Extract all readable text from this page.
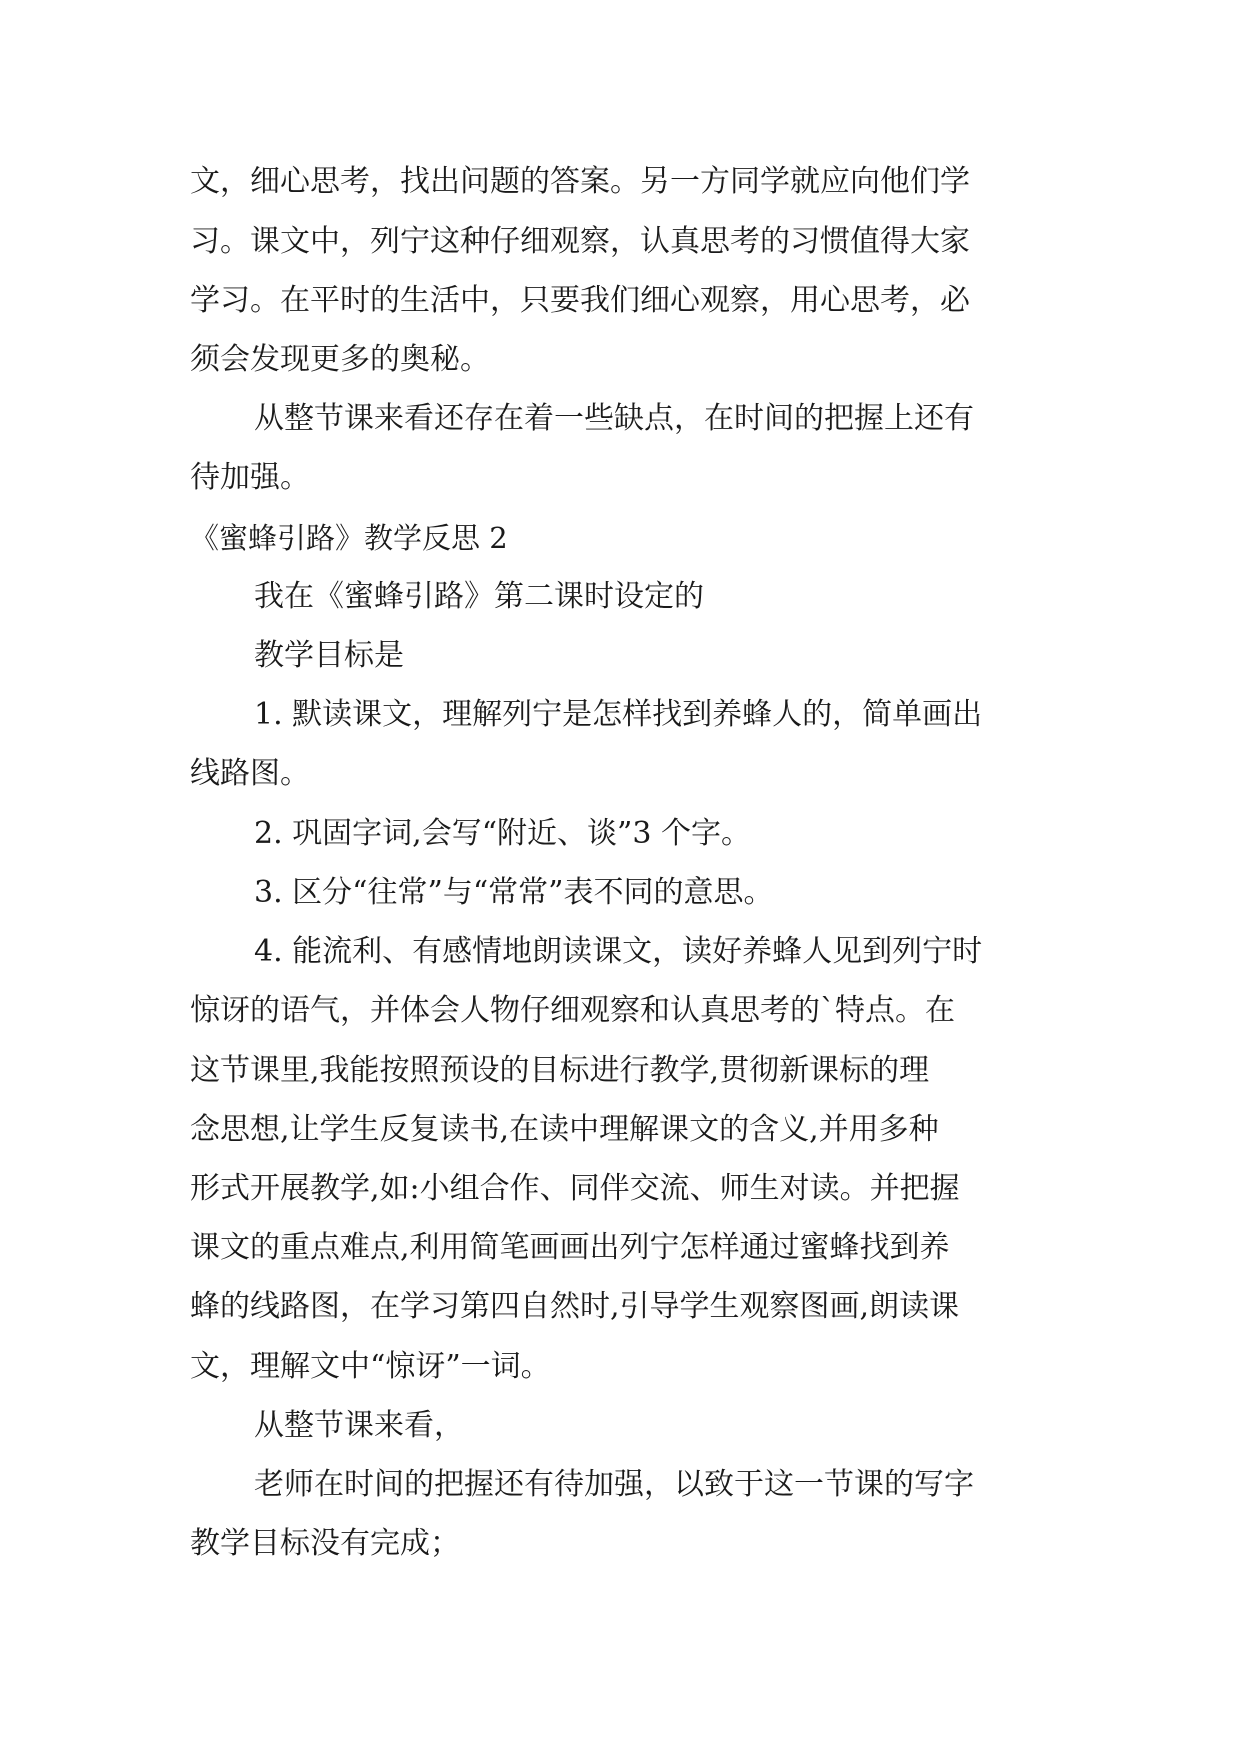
文，细心思考，找出问题的答案。另一方同学就应向他们学
习。课文中，列宁这种仔细观察，认真思考的习惯值得大家
学习。在平时的生活中，只要我们细心观察，用心思考，必
须会发现更多的奥秘。
从整节课来看还存在着一些缺点，在时间的把握上还有
待加强。
《蜜蜂引路》教学反思 2
我在《蜜蜂引路》第二课时设定的
教学目标是
1. 默读课文，理解列宁是怎样找到养蜂人的，简单画出
线路图。
2. 巩固字词,会写“附近、谈”3 个字。
3. 区分“往常”与“常常”表不同的意思。
4. 能流利、有感情地朗读课文，读好养蜂人见到列宁时
惊讶的语气，并体会人物仔细观察和认真思考的`特点。在
这节课里,我能按照预设的目标进行教学,贯彻新课标的理
念思想,让学生反复读书,在读中理解课文的含义,并用多种
形式开展教学,如:小组合作、同伴交流、师生对读。并把握
课文的重点难点,利用简笔画画出列宁怎样通过蜜蜂找到养
蜂的线路图，在学习第四自然时,引导学生观察图画,朗读课
文，理解文中“惊讶”一词。
从整节课来看，
老师在时间的把握还有待加强，以致于这一节课的写字
教学目标没有完成；
